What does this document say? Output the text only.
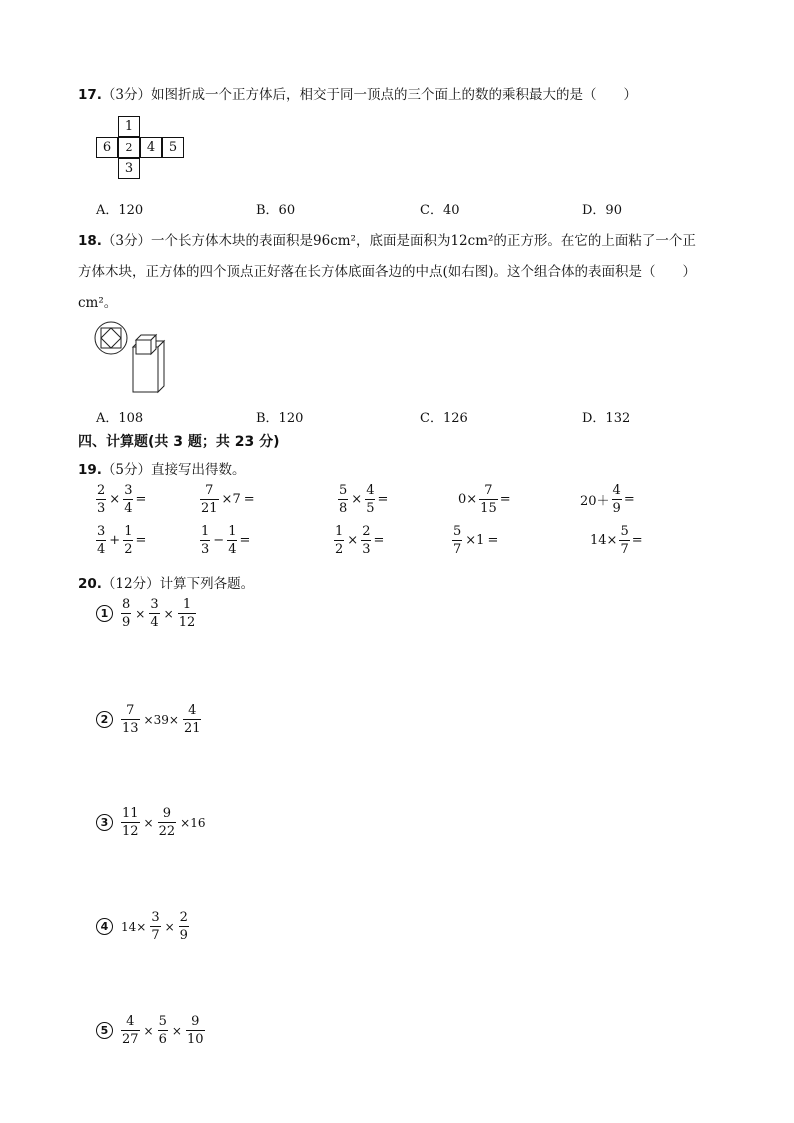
17.（3分）如图折成一个正方体后，相交于同一顶点的三个面上的数的乘积最大的是（　　）
1
6	2	4	5
3
A．120	B．60	C．40	D．90
18.（3分）一个长方体木块的表面积是96cm²，底面是面积为12cm²的正方形。在它的上面粘了一个正
方体木块，正方体的四个顶点正好落在长方体底面各边的中点(如右图)。这个组合体的表面积是（　　）
cm²。
A．108	B．120	C．126	D．132
四、计算题(共 3 题；共 23 分)
19.（5分）直接写出得数。
$\frac{2}{3} \times \frac{3}{4}$ =	$\frac{7}{21} \times 7$ =	$\frac{5}{8} \times \frac{4}{5}$ =	$0\times \frac{7}{15}$ =	$20+ \frac{4}{9}$ =
$\frac{3}{4} + \frac{1}{2}$ =	$\frac{1}{3} - \frac{1}{4}$ =	$\frac{1}{2} \times \frac{2}{3}$ =	$\frac{5}{7} \times 1$ =	$14\times \frac{5}{7}$ =
20.（12分）计算下列各题。
$1 \frac{8}{9} \times \frac{3}{4} \times \frac{1}{12}$
$2 \frac{7}{13} \times 39\times \frac{4}{21}$
$3 \frac{11}{12} \times \frac{9}{22} \times 16$
4	$14\times \frac{3}{7} \times \frac{2}{9}$
$5 \frac{4}{27} \times \frac{5}{6} \times \frac{9}{10}$
